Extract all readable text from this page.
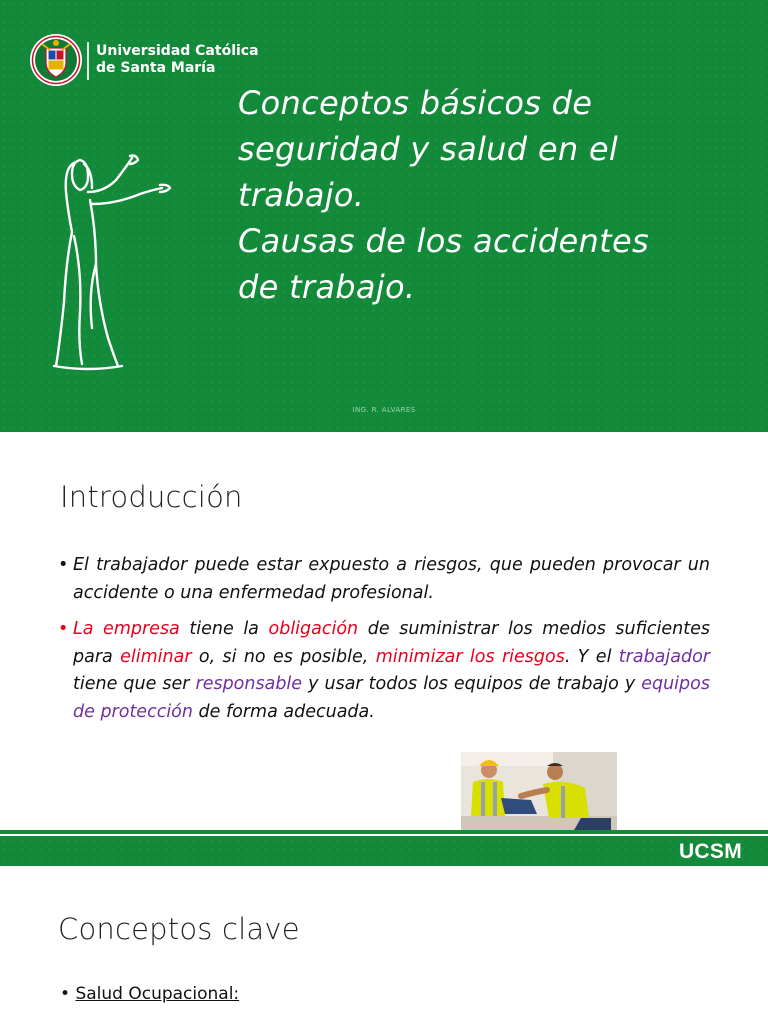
Universidad Católica
de Santa María
Conceptos básicos de
seguridad y salud en el
trabajo.
Causas de los accidentes
de trabajo.
ING. R. ALVARES
Introducción
• El trabajador puede estar expuesto a riesgos, que pueden provocar un accidente o una enfermedad profesional.
• La empresa tiene la obligación de suministrar los medios suficientes para eliminar o, si no es posible, minimizar los riesgos. Y el trabajador tiene que ser responsable y usar todos los equipos de trabajo y equipos de protección de forma adecuada.
UCSM
Conceptos clave
• Salud Ocupacional:
